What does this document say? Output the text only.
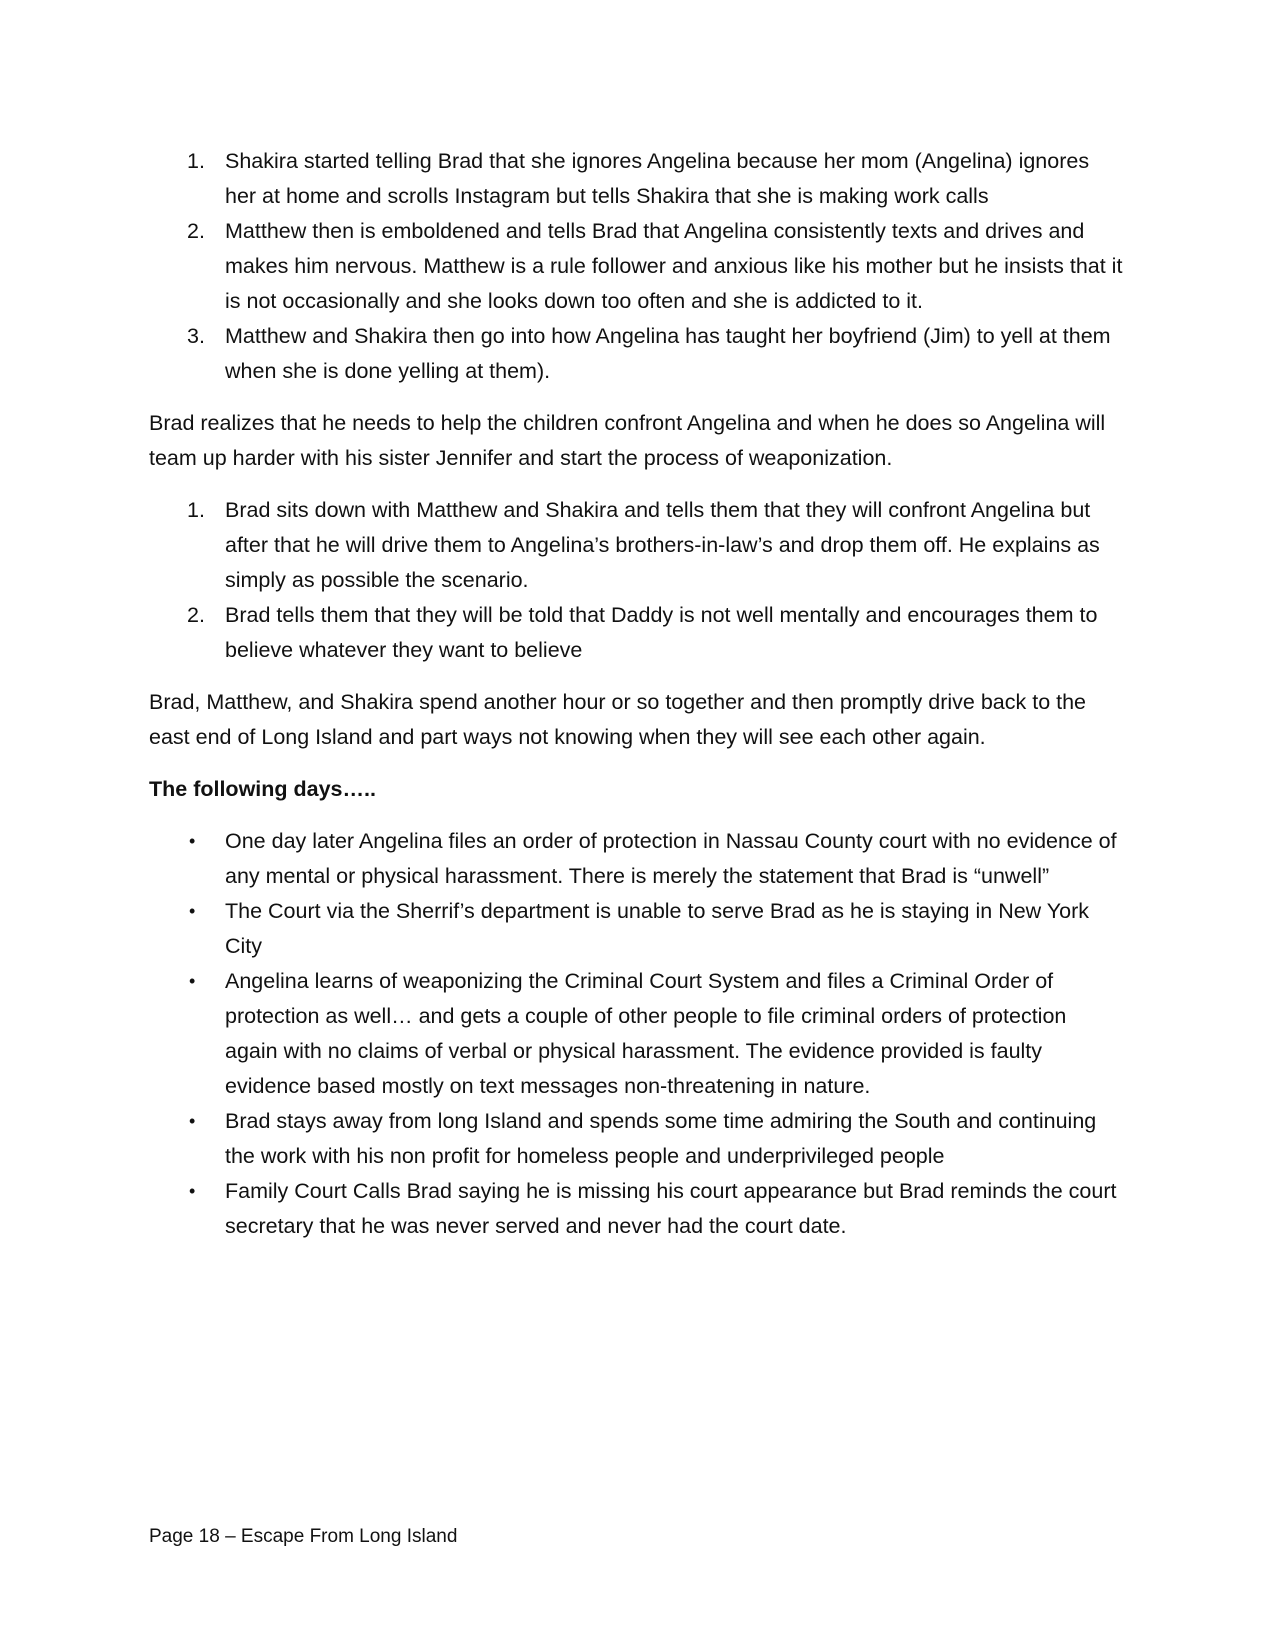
1. Shakira started telling Brad that she ignores Angelina because her mom (Angelina) ignores her at home and scrolls Instagram but tells Shakira that she is making work calls
2. Matthew then is emboldened and tells Brad that Angelina consistently texts and drives and makes him nervous. Matthew is a rule follower and anxious like his mother but he insists that it is not occasionally and she looks down too often and she is addicted to it.
3. Matthew and Shakira then go into how Angelina has taught her boyfriend (Jim) to yell at them when she is done yelling at them).

Brad realizes that he needs to help the children confront Angelina and when he does so Angelina will team up harder with his sister Jennifer and start the process of weaponization.

1. Brad sits down with Matthew and Shakira and tells them that they will confront Angelina but after that he will drive them to Angelina’s brothers-in-law’s and drop them off. He explains as simply as possible the scenario.
2. Brad tells them that they will be told that Daddy is not well mentally and encourages them to believe whatever they want to believe

Brad, Matthew, and Shakira spend another hour or so together and then promptly drive back to the east end of Long Island and part ways not knowing when they will see each other again.

The following days…..

• One day later Angelina files an order of protection in Nassau County court with no evidence of any mental or physical harassment. There is merely the statement that Brad is “unwell”
• The Court via the Sherrif’s department is unable to serve Brad as he is staying in New York City
• Angelina learns of weaponizing the Criminal Court System and files a Criminal Order of protection as well… and gets a couple of other people to file criminal orders of protection again with no claims of verbal or physical harassment. The evidence provided is faulty evidence based mostly on text messages non-threatening in nature.
• Brad stays away from long Island and spends some time admiring the South and continuing the work with his non profit for homeless people and underprivileged people
• Family Court Calls Brad saying he is missing his court appearance but Brad reminds the court secretary that he was never served and never had the court date.
Page 18 – Escape From Long Island
